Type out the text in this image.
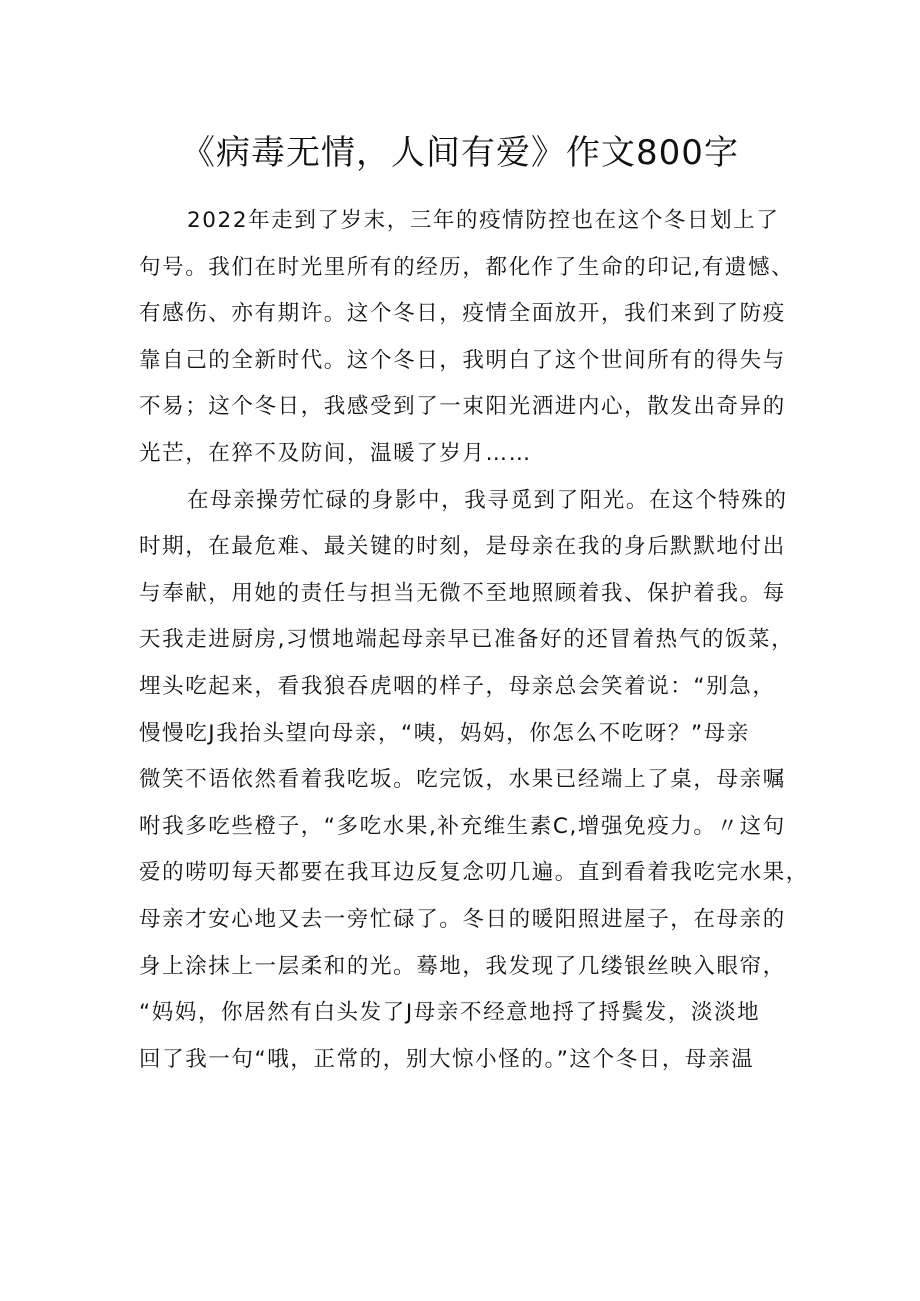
《病毒无情，人间有爱》作文800字
2022年走到了岁末，三年的疫情防控也在这个冬日划上了
句号。我们在时光里所有的经历，都化作了生命的印记,有遗憾、
有感伤、亦有期许。这个冬日，疫情全面放开，我们来到了防疫
靠自己的全新时代。这个冬日，我明白了这个世间所有的得失与
不易；这个冬日，我感受到了一束阳光洒进内心，散发出奇异的
光芒，在猝不及防间，温暖了岁月……
在母亲操劳忙碌的身影中，我寻觅到了阳光。在这个特殊的
时期，在最危难、最关键的时刻，是母亲在我的身后默默地付出
与奉献，用她的责任与担当无微不至地照顾着我、保护着我。每
天我走进厨房,习惯地端起母亲早已准备好的还冒着热气的饭菜，
埋头吃起来，看我狼吞虎咽的样子，母亲总会笑着说：“别急，
慢慢吃J我抬头望向母亲，“咦，妈妈，你怎么不吃呀？”母亲
微笑不语依然看着我吃坂。吃完饭，水果已经端上了桌，母亲嘱
咐我多吃些橙子，“多吃水果,补充维生素C,增强免疫力。〃这句
爱的唠叨每天都要在我耳边反复念叨几遍。直到看着我吃完水果，
母亲才安心地又去一旁忙碌了。冬日的暖阳照进屋子，在母亲的
身上涂抹上一层柔和的光。蓦地，我发现了几缕银丝映入眼帘，
“妈妈，你居然有白头发了J母亲不经意地捋了捋鬓发，淡淡地
回了我一句“哦，正常的，别大惊小怪的。”这个冬日，母亲温
